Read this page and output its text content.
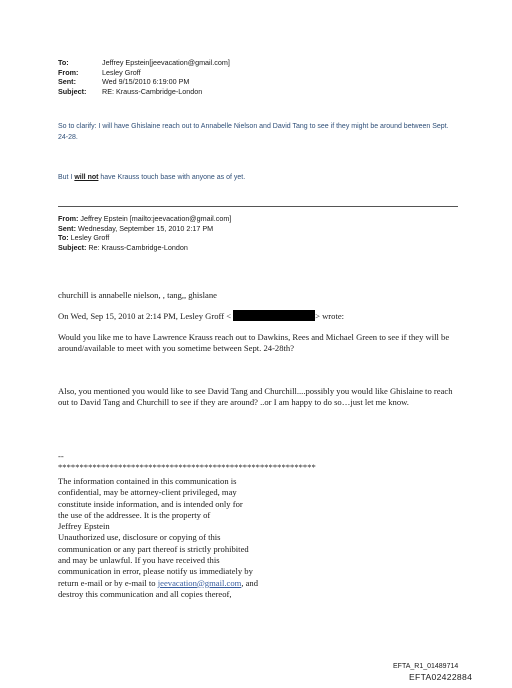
To:	Jeffrey Epstein[jeevacation@gmail.com]
From:	Lesley Groff
Sent:	Wed 9/15/2010 6:19:00 PM
Subject:	RE: Krauss-Cambridge-London
So to clarify: I will have Ghislaine reach out to Annabelle Nielson and David Tang to see if they might be around between Sept. 24-28.
But I will not have Krauss touch base with anyone as of yet.
From: Jeffrey Epstein [mailto:jeevacation@gmail.com]
Sent: Wednesday, September 15, 2010 2:17 PM
To: Lesley Groff
Subject: Re: Krauss-Cambridge-London
churchill is annabelle nielson, , tang,, ghislane
On Wed, Sep 15, 2010 at 2:14 PM, Lesley Groff <	> wrote:
Would you like me to have Lawrence Krauss reach out to Dawkins, Rees and Michael Green to see if they will be around/available to meet with you sometime between Sept. 24-28th?
Also, you mentioned you would like to see David Tang and Churchill....possibly you would like Ghislaine to reach out to David Tang and Churchill to see if they are around? ..or I am happy to do so…just let me know.
--
************************************************************
The information contained in this communication is
confidential, may be attorney-client privileged, may
constitute inside information, and is intended only for
the use of the addressee. It is the property of
Jeffrey Epstein
Unauthorized use, disclosure or copying of this
communication or any part thereof is strictly prohibited
and may be unlawful. If you have received this
communication in error, please notify us immediately by
return e-mail or by e-mail to jeevacation@gmail.com, and
destroy this communication and all copies thereof,
EFTA_R1_01489714
EFTA02422884
